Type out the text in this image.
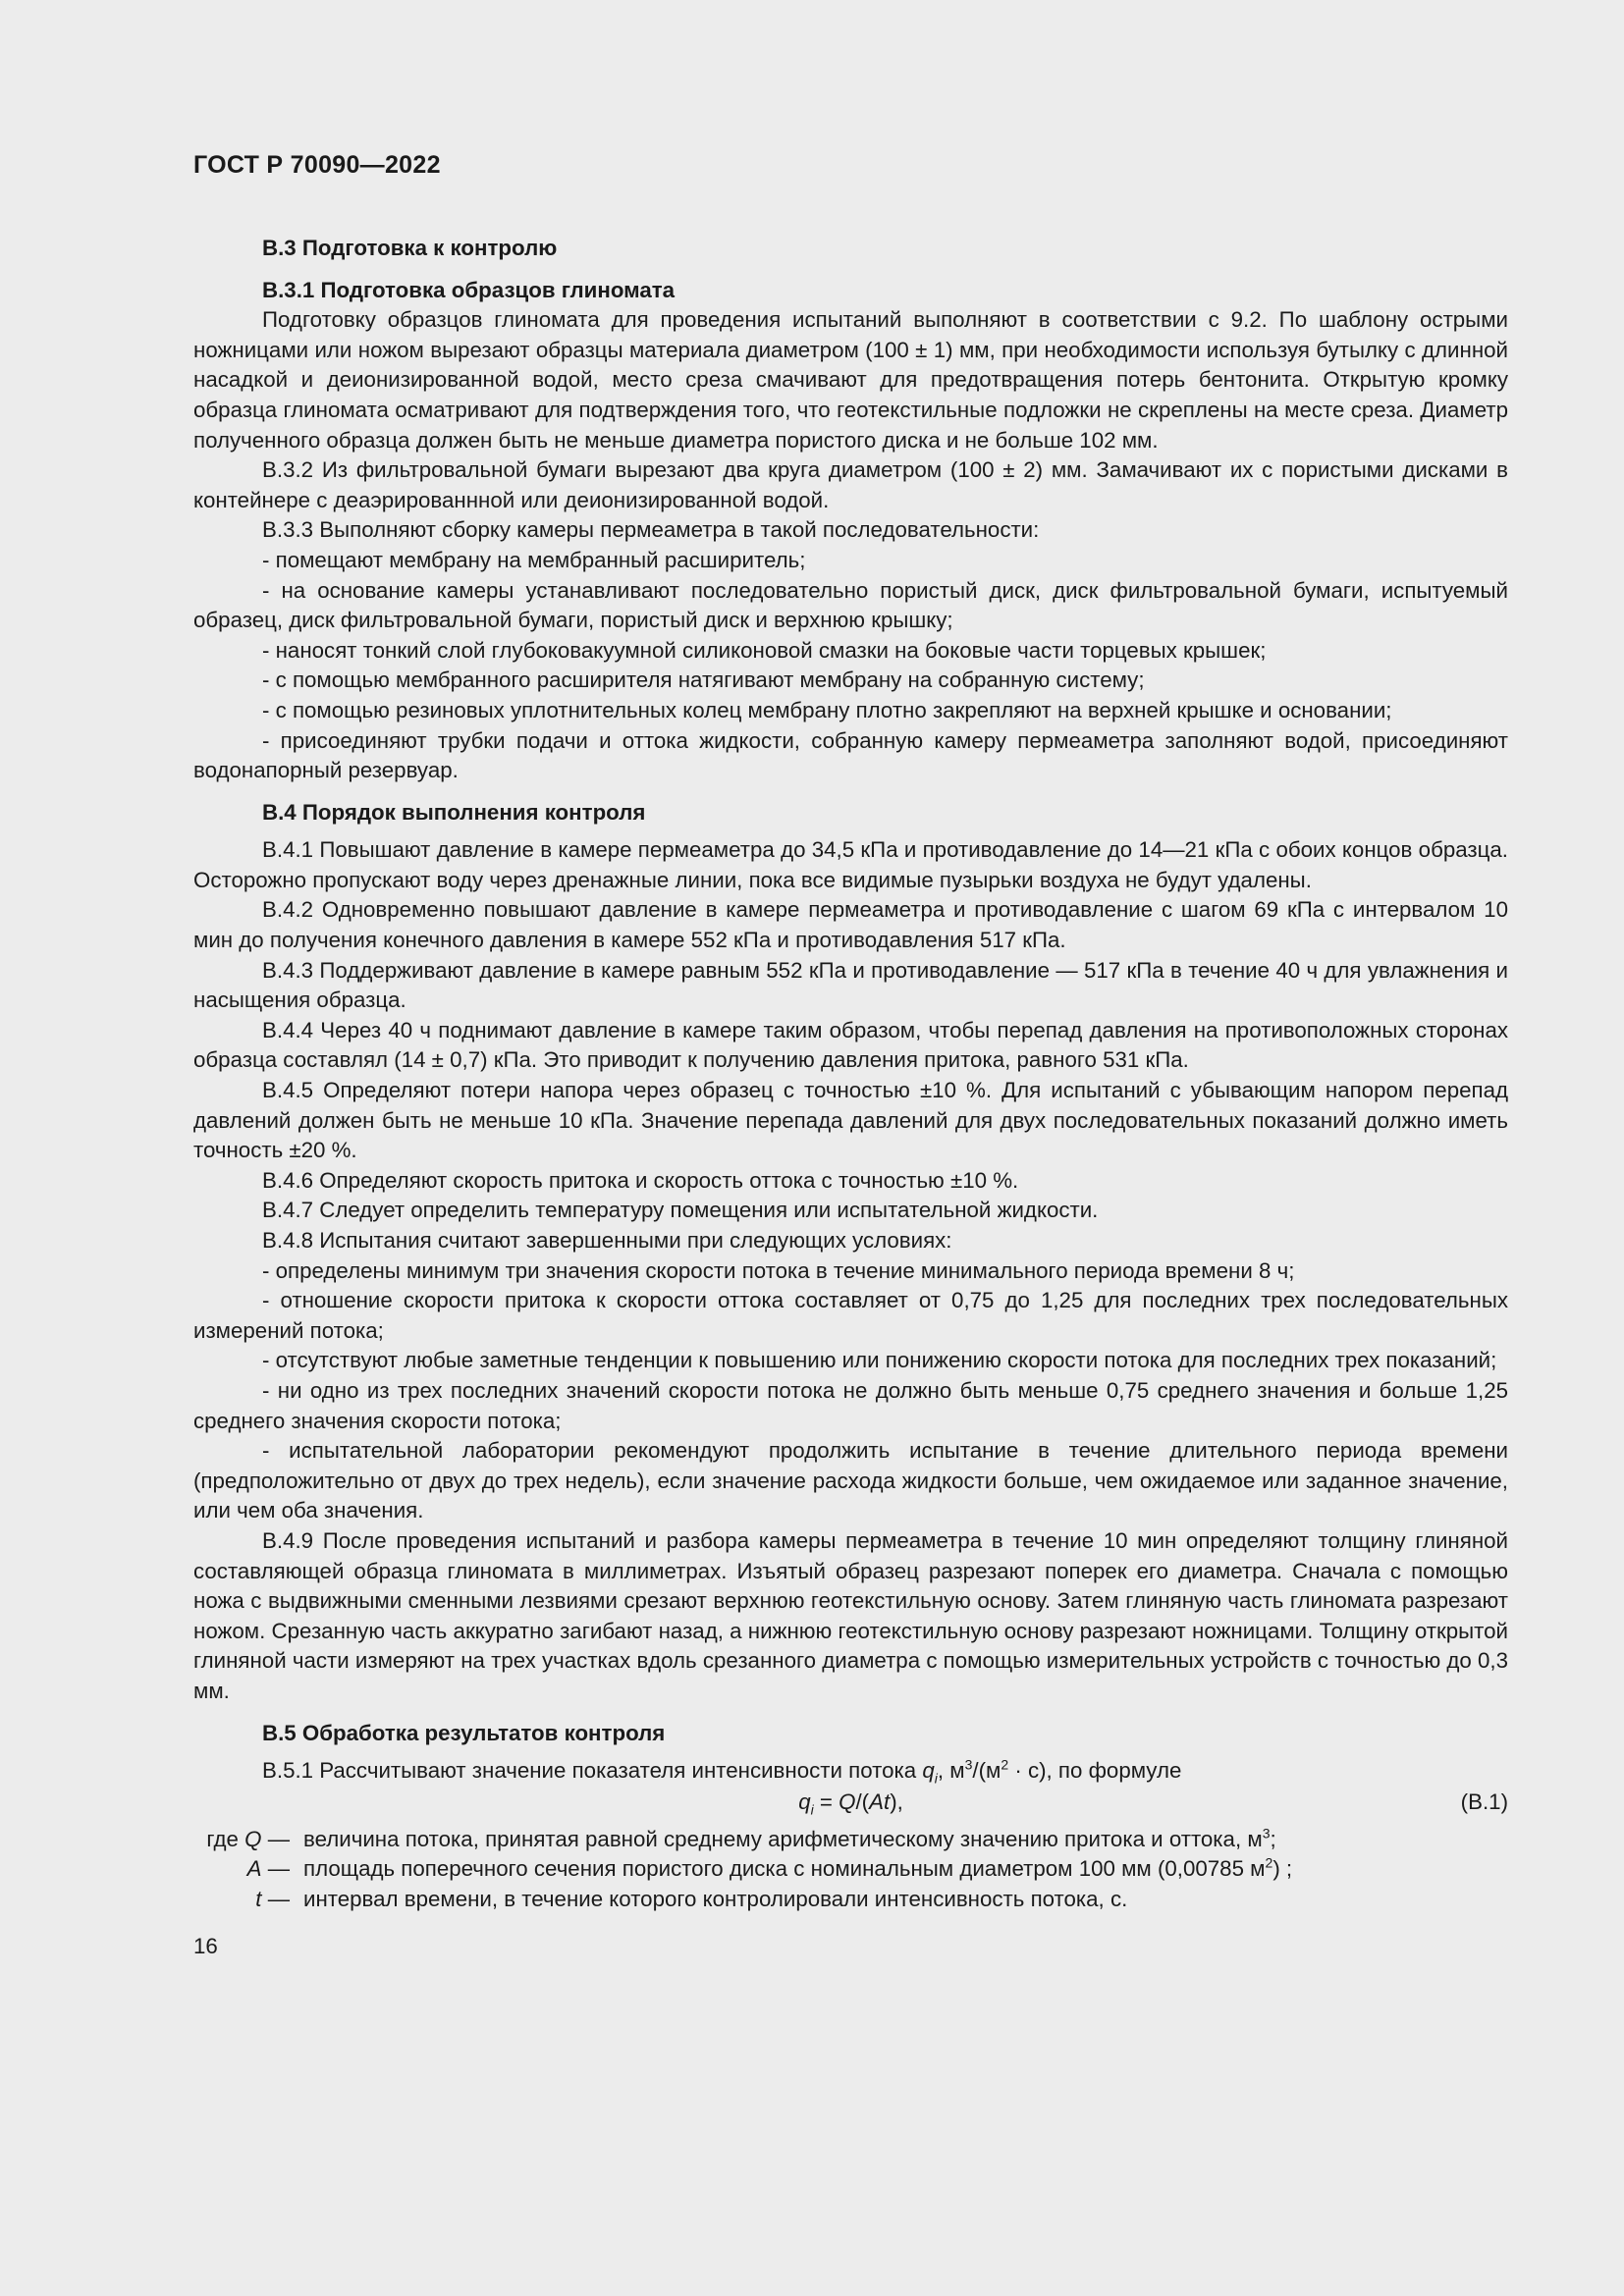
ГОСТ Р 70090—2022

В.3 Подготовка к контролю

В.3.1 Подготовка образцов глиномата

Подготовку образцов глиномата для проведения испытаний выполняют в соответствии с 9.2. По шаблону острыми ножницами или ножом вырезают образцы материала диаметром (100 ± 1) мм, при необходимости используя бутылку с длинной насадкой и деионизированной водой, место среза смачивают для предотвращения потерь бентонита. Открытую кромку образца глиномата осматривают для подтверждения того, что геотекстильные подложки не скреплены на месте среза. Диаметр полученного образца должен быть не меньше диаметра пористого диска и не больше 102 мм.

В.3.2 Из фильтровальной бумаги вырезают два круга диаметром (100 ± 2) мм. Замачивают их с пористыми дисками в контейнере с деаэрированнной или деионизированной водой.

В.3.3 Выполняют сборку камеры пермеаметра в такой последовательности:

- помещают мембрану на мембранный расширитель;

- на основание камеры устанавливают последовательно пористый диск, диск фильтровальной бумаги, испытуемый образец, диск фильтровальной бумаги, пористый диск и верхнюю крышку;

- наносят тонкий слой глубоковакуумной силиконовой смазки на боковые части торцевых крышек;

- с помощью мембранного расширителя натягивают мембрану на собранную систему;

- с помощью резиновых уплотнительных колец мембрану плотно закрепляют на верхней крышке и основании;

- присоединяют трубки подачи и оттока жидкости, собранную камеру пермеаметра заполняют водой, присоединяют водонапорный резервуар.

В.4 Порядок выполнения контроля

В.4.1 Повышают давление в камере пермеаметра до 34,5 кПа и противодавление до 14—21 кПа с обоих концов образца. Осторожно пропускают воду через дренажные линии, пока все видимые пузырьки воздуха не будут удалены.

В.4.2 Одновременно повышают давление в камере пермеаметра и противодавление с шагом 69 кПа с интервалом 10 мин до получения конечного давления в камере 552 кПа и противодавления 517 кПа.

В.4.3 Поддерживают давление в камере равным 552 кПа и противодавление — 517 кПа в течение 40 ч для увлажнения и насыщения образца.

В.4.4 Через 40 ч поднимают давление в камере таким образом, чтобы перепад давления на противоположных сторонах образца составлял (14 ± 0,7) кПа. Это приводит к получению давления притока, равного 531 кПа.

В.4.5 Определяют потери напора через образец с точностью ±10 %. Для испытаний с убывающим напором перепад давлений должен быть не меньше 10 кПа. Значение перепада давлений для двух последовательных показаний должно иметь точность ±20 %.

В.4.6 Определяют скорость притока и скорость оттока с точностью ±10 %.

В.4.7 Следует определить температуру помещения или испытательной жидкости.

В.4.8 Испытания считают завершенными при следующих условиях:

- определены минимум три значения скорости потока в течение минимального периода времени 8 ч;

- отношение скорости притока к скорости оттока составляет от 0,75 до 1,25 для последних трех последовательных измерений потока;

- отсутствуют любые заметные тенденции к повышению или понижению скорости потока для последних трех показаний;

- ни одно из трех последних значений скорости потока не должно быть меньше 0,75 среднего значения и больше 1,25 среднего значения скорости потока;

- испытательной лаборатории рекомендуют продолжить испытание в течение длительного периода времени (предположительно от двух до трех недель), если значение расхода жидкости больше, чем ожидаемое или заданное значение, или чем оба значения.

В.4.9 После проведения испытаний и разбора камеры пермеаметра в течение 10 мин определяют толщину глиняной составляющей образца глиномата в миллиметрах. Изъятый образец разрезают поперек его диаметра. Сначала с помощью ножа с выдвижными сменными лезвиями срезают верхнюю геотекстильную основу. Затем глиняную часть глиномата разрезают ножом. Срезанную часть аккуратно загибают назад, а нижнюю геотекстильную основу разрезают ножницами. Толщину открытой глиняной части измеряют на трех участках вдоль срезанного диаметра с помощью измерительных устройств с точностью до 0,3 мм.

В.5 Обработка результатов контроля

В.5.1 Рассчитывают значение показателя интенсивности потока $q_i$, $м^3/(м^2 \cdot с)$, по формуле

$q_i = Q/(At)$,	(В.1)
где Q — величина потока, принятая равной среднему арифметическому значению притока и оттока, $м^3$;
A — площадь поперечного сечения пористого диска с номинальным диаметром 100 мм (0,00785 $м^2$) ;
t — интервал времени, в течение которого контролировали интенсивность потока, с.
16
